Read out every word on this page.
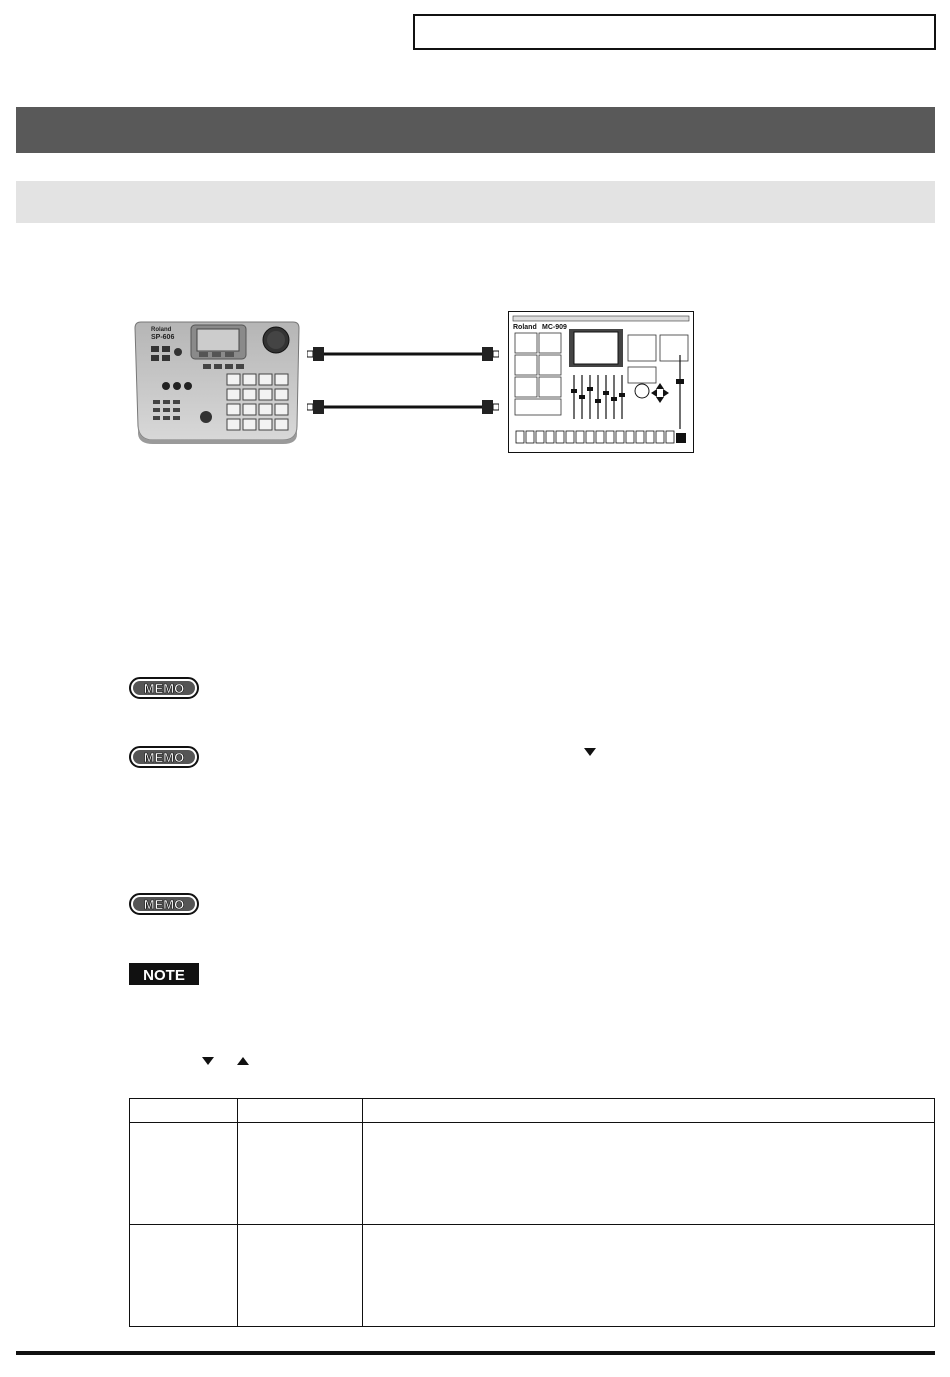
Roland
SP-606
Roland MC-909
MEMO
MEMO
MEMO
NOTE
